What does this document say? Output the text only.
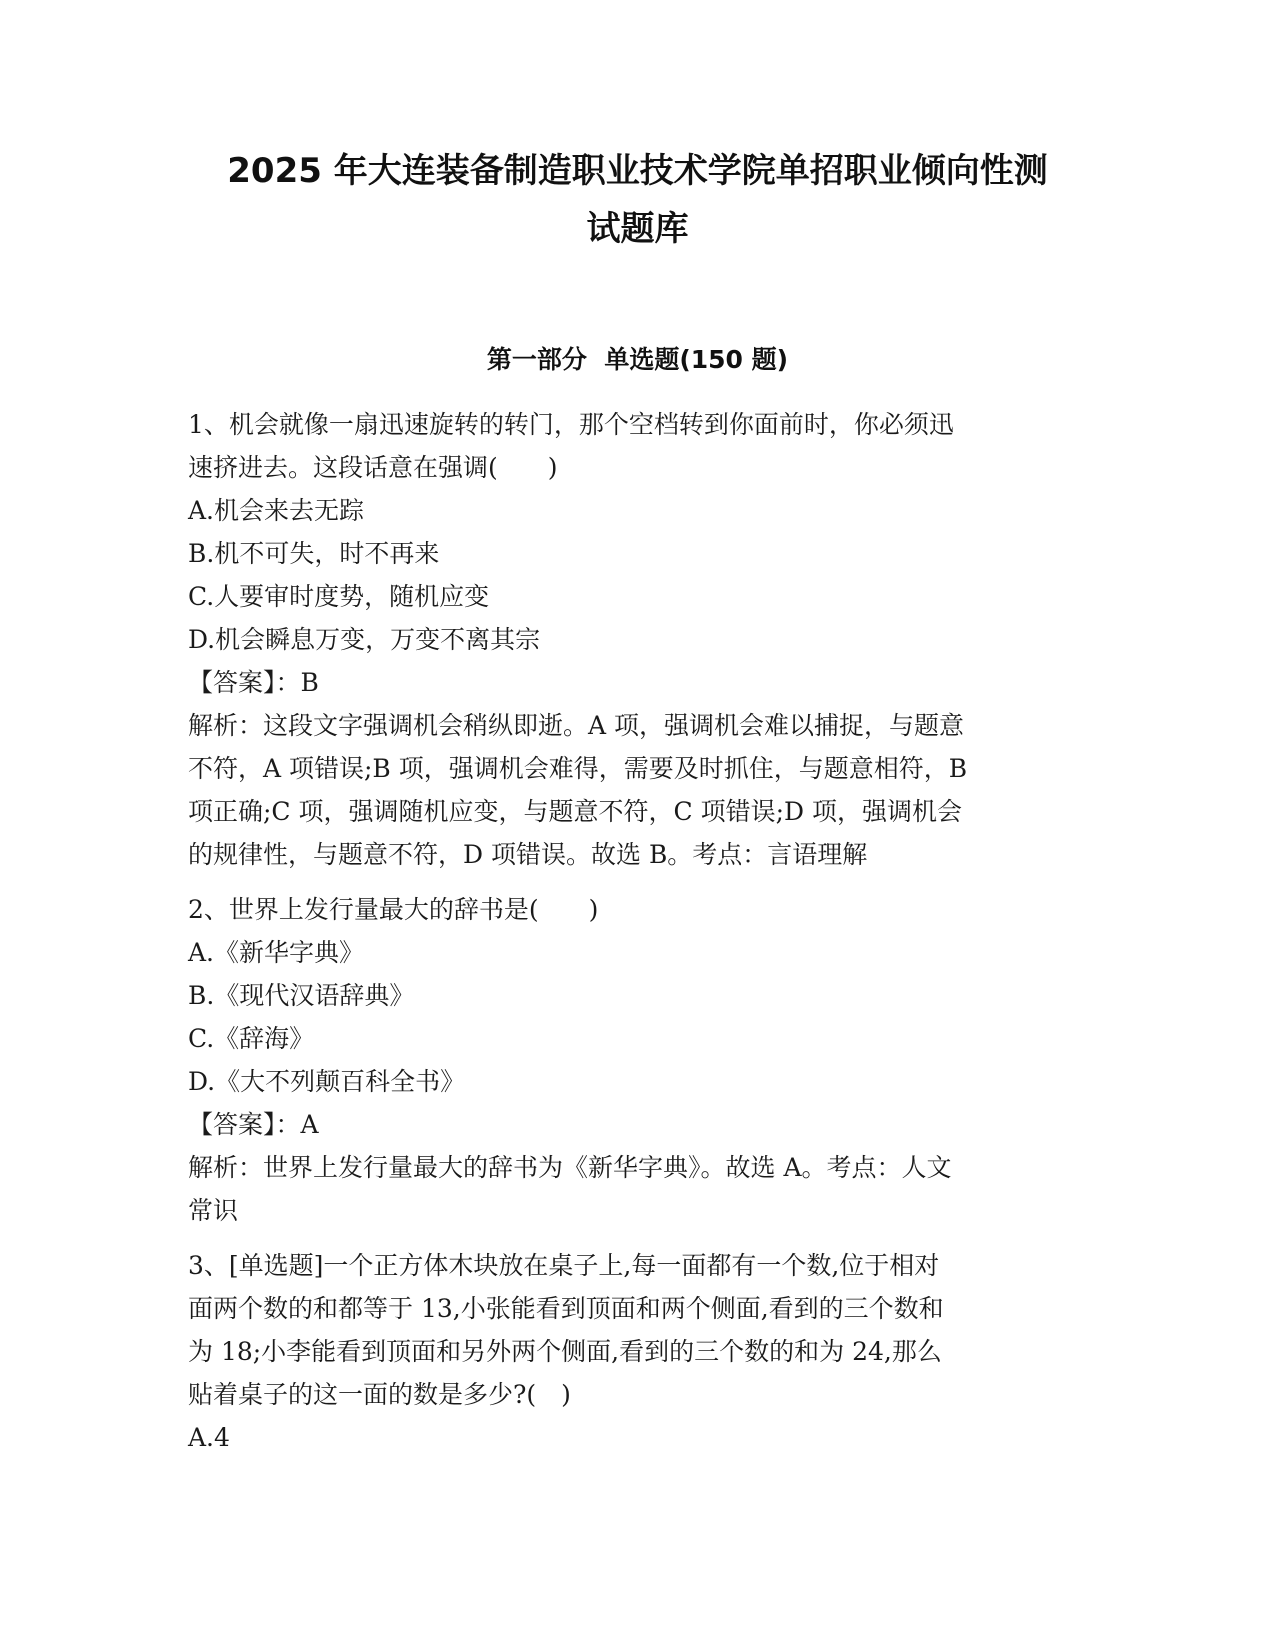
2025 年大连装备制造职业技术学院单招职业倾向性测
试题库
第一部分  单选题(150 题)
1、机会就像一扇迅速旋转的转门，那个空档转到你面前时，你必须迅
速挤进去。这段话意在强调(　　)
A.机会来去无踪
B.机不可失，时不再来
C.人要审时度势，随机应变
D.机会瞬息万变，万变不离其宗
【答案】：B
解析：这段文字强调机会稍纵即逝。A 项，强调机会难以捕捉，与题意
不符，A 项错误;B 项，强调机会难得，需要及时抓住，与题意相符，B
项正确;C 项，强调随机应变，与题意不符，C 项错误;D 项，强调机会
的规律性，与题意不符，D 项错误。故选 B。考点：言语理解
2、世界上发行量最大的辞书是(　　)
A.《新华字典》
B.《现代汉语辞典》
C.《辞海》
D.《大不列颠百科全书》
【答案】：A
解析：世界上发行量最大的辞书为《新华字典》。故选 A。考点：人文
常识
3、[单选题]一个正方体木块放在桌子上,每一面都有一个数,位于相对
面两个数的和都等于 13,小张能看到顶面和两个侧面,看到的三个数和
为 18;小李能看到顶面和另外两个侧面,看到的三个数的和为 24,那么
贴着桌子的这一面的数是多少?(　)
A.4
